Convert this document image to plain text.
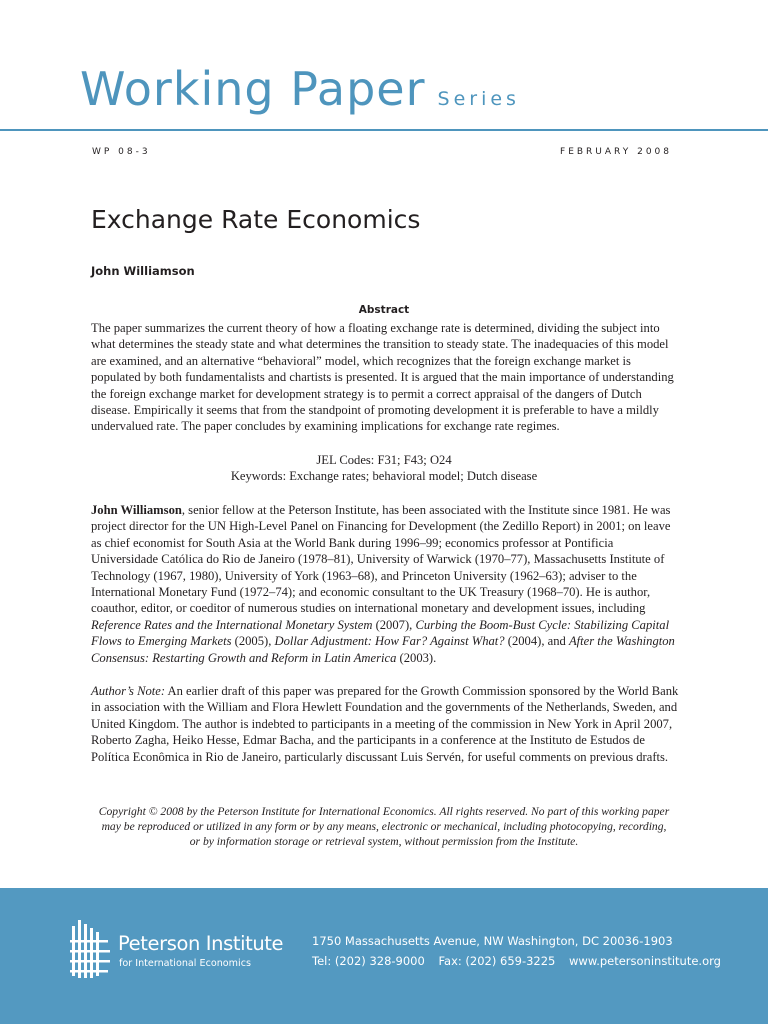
Working Paper Series
WP 08-3	FEBRUARY 2008
Exchange Rate Economics
John Williamson
Abstract

The paper summarizes the current theory of how a floating exchange rate is determined, dividing the subject into what determines the steady state and what determines the transition to steady state. The inadequacies of this model are examined, and an alternative “behavioral” model, which recognizes that the foreign exchange market is populated by both fundamentalists and chartists is presented. It is argued that the main importance of understanding the foreign exchange market for development strategy is to permit a correct appraisal of the dangers of Dutch disease. Empirically it seems that from the standpoint of promoting development it is preferable to have a mildly undervalued rate. The paper concludes by examining implications for exchange rate regimes.

JEL Codes: F31; F43; O24
Keywords: Exchange rates; behavioral model; Dutch disease

John Williamson, senior fellow at the Peterson Institute, has been associated with the Institute since 1981. He was project director for the UN High-Level Panel on Financing for Development (the Zedillo Report) in 2001; on leave as chief economist for South Asia at the World Bank during 1996–99; economics professor at Pontificia Universidade Católica do Rio de Janeiro (1978–81), University of Warwick (1970–77), Massachusetts Institute of Technology (1967, 1980), University of York (1963–68), and Princeton University (1962–63); adviser to the International Monetary Fund (1972–74); and economic consultant to the UK Treasury (1968–70). He is author, coauthor, editor, or coeditor of numerous studies on international monetary and development issues, including Reference Rates and the International Monetary System (2007), Curbing the Boom-Bust Cycle: Stabilizing Capital Flows to Emerging Markets (2005), Dollar Adjustment: How Far? Against What? (2004), and After the Washington Consensus: Restarting Growth and Reform in Latin America (2003).

Author’s Note: An earlier draft of this paper was prepared for the Growth Commission sponsored by the World Bank in association with the William and Flora Hewlett Foundation and the governments of the Netherlands, Sweden, and United Kingdom. The author is indebted to participants in a meeting of the commission in New York in April 2007, Roberto Zagha, Heiko Hesse, Edmar Bacha, and the participants in a conference at the Instituto de Estudos de Política Econômica in Rio de Janeiro, particularly discussant Luis Servén, for useful comments on previous drafts.

Copyright © 2008 by the Peterson Institute for International Economics. All rights reserved. No part of this working paper may be reproduced or utilized in any form or by any means, electronic or mechanical, including photocopying, recording, or by information storage or retrieval system, without permission from the Institute.

Peterson Institute
for International Economics
1750 Massachusetts Avenue, NW Washington, DC 20036-1903
Tel: (202) 328-9000 Fax: (202) 659-3225 www.petersoninstitute.org
